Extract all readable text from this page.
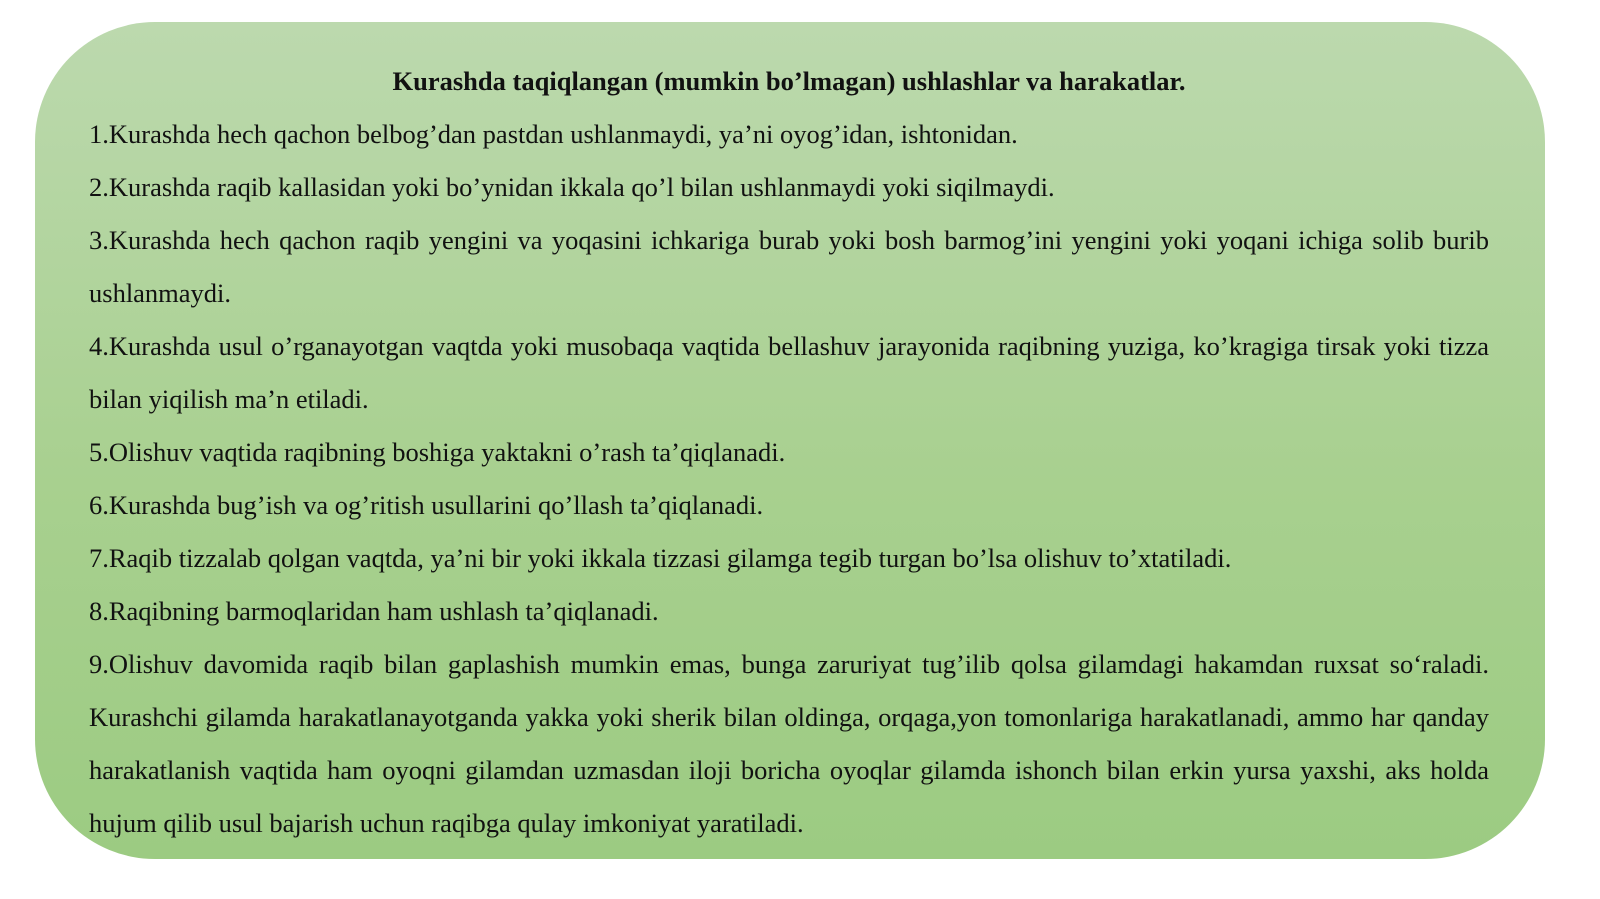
Kurashda taqiqlangan (mumkin bo’lmagan) ushlashlar va harakatlar.

1.Kurashda hech qachon belbog’dan pastdan ushlanmaydi, ya’ni oyog’idan, ishtonidan.

2.Kurashda raqib kallasidan yoki bo’ynidan ikkala qo’l bilan ushlanmaydi yoki siqilmaydi.

3.Kurashda hech qachon raqib yengini va yoqasini ichkariga burab yoki bosh barmog’ini yengini yoki yoqani ichiga solib burib ushlanmaydi.

4.Kurashda usul o’rganayotgan vaqtda yoki musobaqa vaqtida bellashuv jarayonida raqibning yuziga, ko’kragiga tirsak yoki tizza bilan yiqilish ma’n etiladi.

5.Olishuv vaqtida raqibning boshiga yaktakni o’rash ta’qiqlanadi.

6.Kurashda bug’ish va og’ritish usullarini qo’llash ta’qiqlanadi.

7.Raqib tizzalab qolgan vaqtda, ya’ni bir yoki ikkala tizzasi gilamga tegib turgan bo’lsa olishuv to’xtatiladi.

8.Raqibning barmoqlaridan ham ushlash ta’qiqlanadi.

9.Olishuv davomida raqib bilan gaplashish mumkin emas, bunga zaruriyat tug’ilib qolsa gilamdagi hakamdan ruxsat so‘raladi. Kurashchi gilamda harakatlanayotganda yakka yoki sherik bilan oldinga, orqaga,yon tomonlariga harakatlanadi, ammo har qanday harakatlanish vaqtida ham oyoqni gilamdan uzmasdan iloji boricha oyoqlar gilamda ishonch bilan erkin yursa yaxshi, aks holda hujum qilib usul bajarish uchun raqibga qulay imkoniyat yaratiladi.
